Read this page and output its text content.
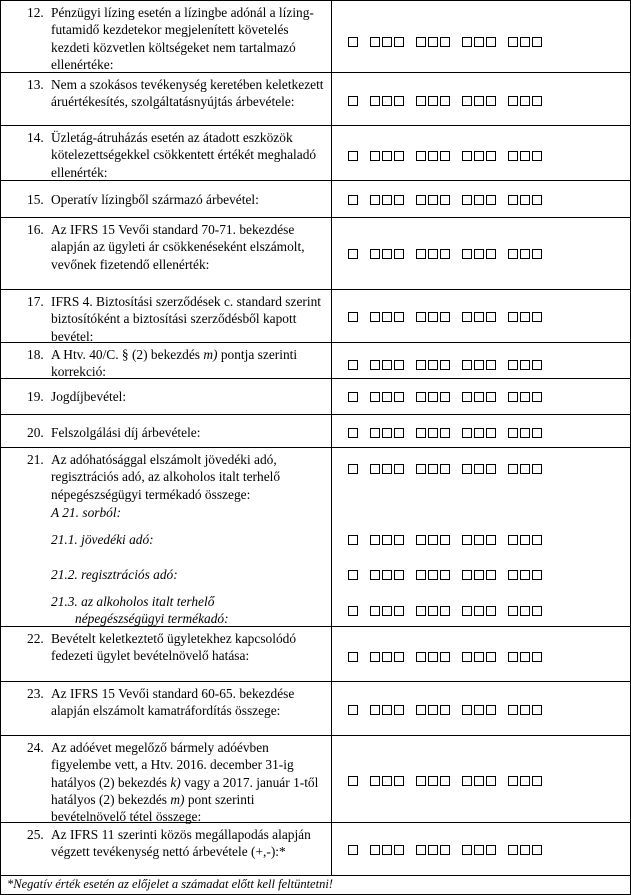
12. Pénzügyi lízing esetén a lízingbe adónál a lízing-futamidő kezdetekor megjelenített követelés kezdeti közvetlen költségeket nem tartalmazó ellenértéke:
13. Nem a szokásos tevékenység keretében keletkezett áruértékesítés, szolgáltatásnyújtás árbevétele:
14. Üzletág-átruházás esetén az átadott eszközök kötelezettségekkel csökkentett értékét meghaladó ellenérték:
15. Operatív lízingből származó árbevétel:
16. Az IFRS 15 Vevői standard 70-71. bekezdése alapján az ügyleti ár csökkenéseként elszámolt, vevőnek fizetendő ellenérték:
17. IFRS 4. Biztosítási szerződések c. standard szerint biztosítóként a biztosítási szerződésből kapott bevétel:
18. A Htv. 40/C. § (2) bekezdés m) pontja szerinti korrekció:
19. Jogdíjbevétel:
20. Felszolgálási díj árbevétele:
21. Az adóhatósággal elszámolt jövedéki adó, regisztrációs adó, az alkoholos italt terhelő népegészségügyi termékadó összege:
A 21. sorból:
21.1. jövedéki adó:
21.2. regisztrációs adó:
21.3. az alkoholos italt terhelő
népegészségügyi termékadó:
22. Bevételt keletkeztető ügyletekhez kapcsolódó fedezeti ügylet bevételnövelő hatása:
23. Az IFRS 15 Vevői standard 60-65. bekezdése alapján elszámolt kamatráfordítás összege:
24. Az adóévet megelőző bármely adóévben figyelembe vett, a Htv. 2016. december 31-ig hatályos (2) bekezdés k) vagy a 2017. január 1-től hatályos (2) bekezdés m) pont szerinti bevételnövelő tétel összege:
25. Az IFRS 11 szerinti közös megállapodás alapján végzett tevékenység nettó árbevétele (+,-):*
*Negatív érték esetén az előjelet a számadat előtt kell feltüntetni!
